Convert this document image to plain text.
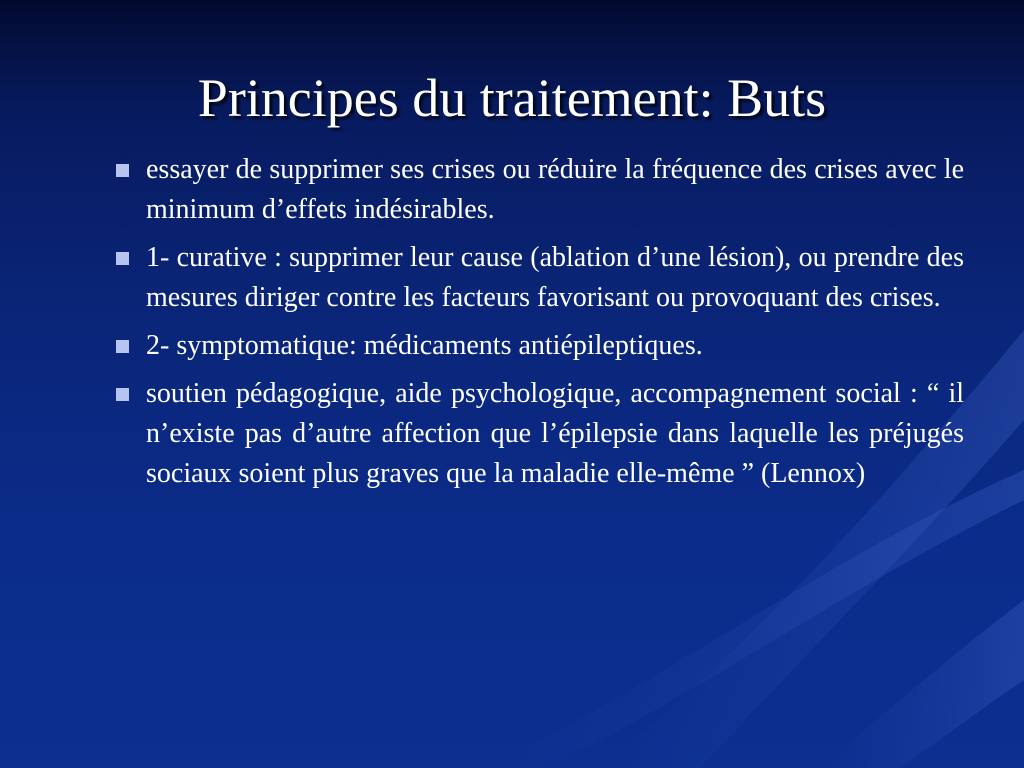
Principes du traitement: Buts
essayer de supprimer ses crises ou réduire la fréquence des crises avec le minimum d’effets indésirables.
1- curative : supprimer leur cause (ablation d’une lésion), ou prendre des mesures diriger contre les facteurs favorisant ou provoquant des crises.
2- symptomatique: médicaments antiépileptiques.
soutien pédagogique, aide psychologique, accompagnement social : “ il n’existe pas d’autre affection que l’épilepsie dans laquelle les préjugés sociaux soient plus graves que la maladie elle-même ” (Lennox)
